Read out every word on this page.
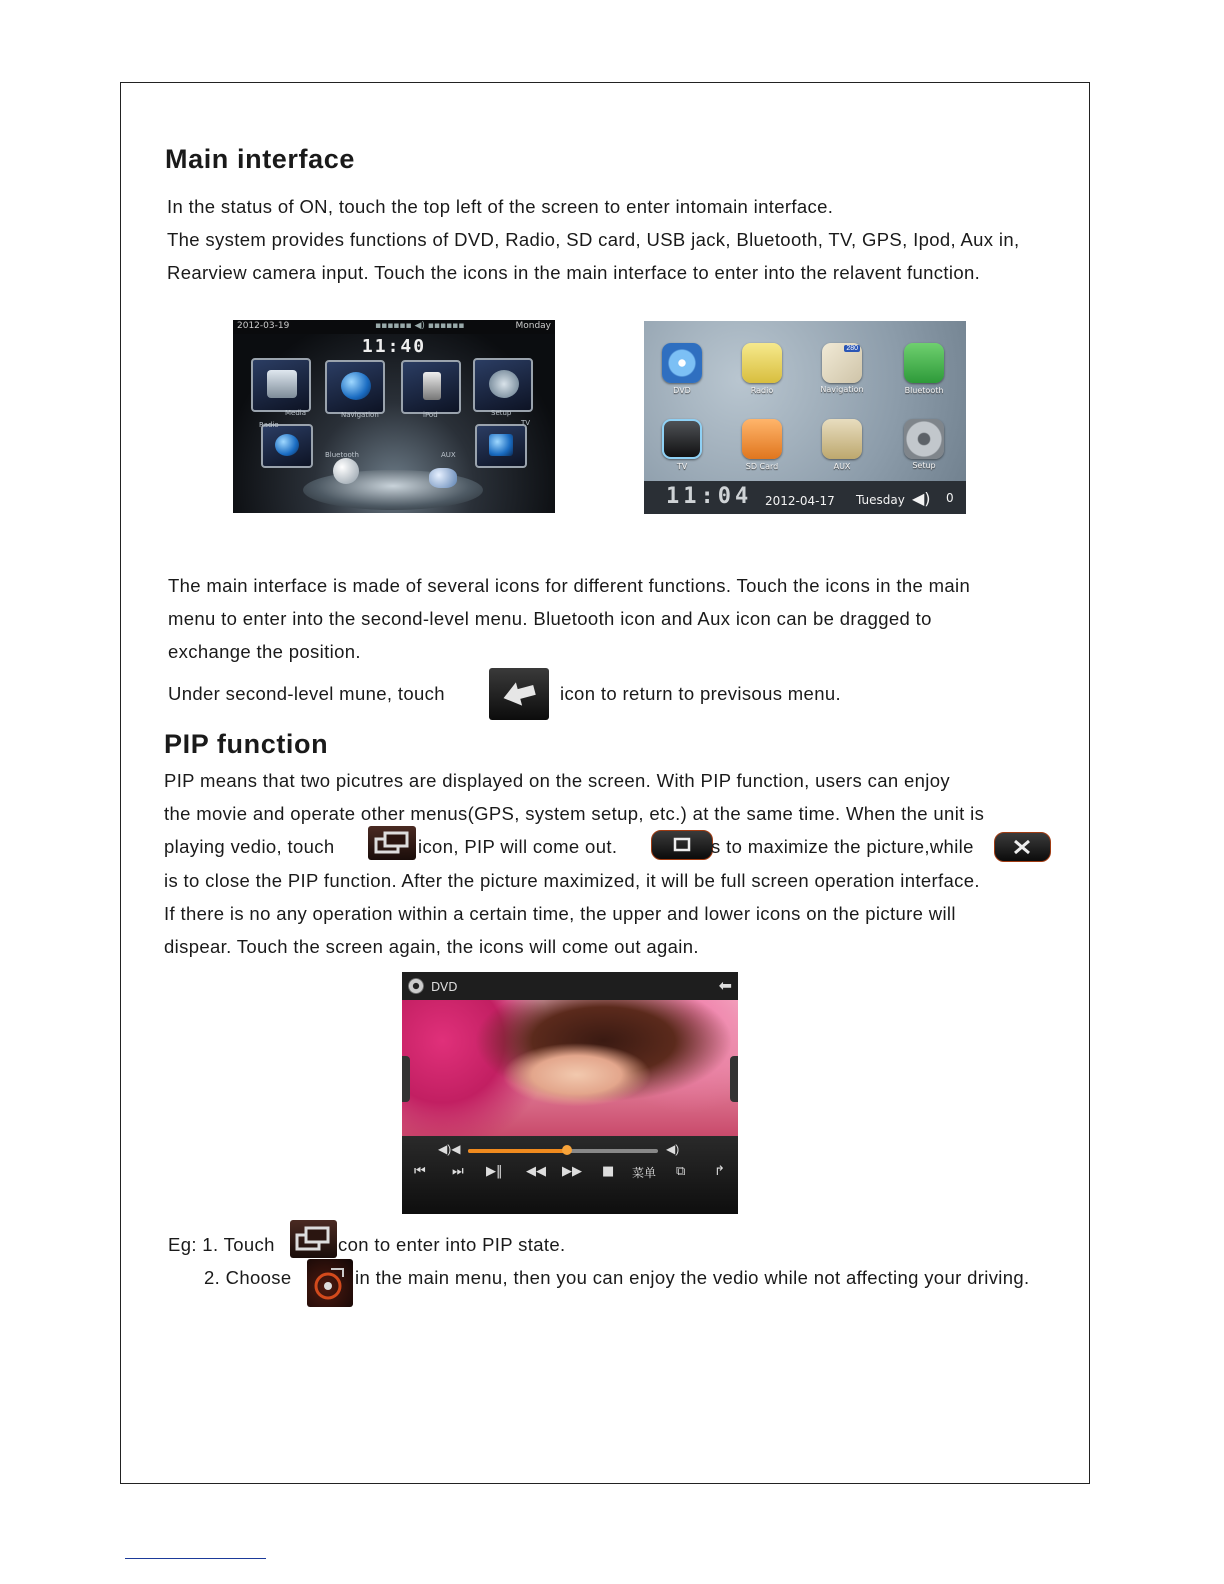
Main interface
In the status of ON, touch the top left of the screen to enter intomain interface.
The system provides functions of DVD, Radio, SD card, USB jack, Bluetooth, TV, GPS, Ipod, Aux in,
Rearview camera input. Touch the icons in the main interface to enter into the relavent function.
2012-03-19	▪▪▪▪▪▪ ◀) ▪▪▪▪▪▪	Monday
11:40
Media	Navigation	iPod	Setup
Radio	TV
Bluetooth	AUX
280
DVD	Radio	Navigation	Bluetooth
TV	SD Card	AUX	Setup
11:04 2012-04-17 Tuesday ◀) 0
The main interface is made of several icons for different functions. Touch the icons in the main
menu to enter into the second-level menu. Bluetooth icon and Aux icon can be dragged to
exchange the position.
Under second-level mune, touch	icon to return to previsous menu.
PIP function
PIP means that two picutres are displayed on the screen. With PIP function, users can enjoy
the movie and operate other menus(GPS, system setup, etc.) at the same time. When the unit is
playing vedio, touch	icon, PIP will come out.	s to maximize the picture,while
is to close the PIP function. After the picture maximized, it will be full screen operation interface.
If there is no any operation within a certain time, the upper and lower icons on the picture will
dispear. Touch the screen again, the icons will come out again.
DVD	⬅
◀)◀	◀)
⏮ ⏭ ▶‖ ◀◀ ▶▶ ■ 菜单 ⧉ ↱
Eg: 1. Touch	con to enter into PIP state.
2. Choose	in the main menu, then you can enjoy the vedio while not affecting your driving.
